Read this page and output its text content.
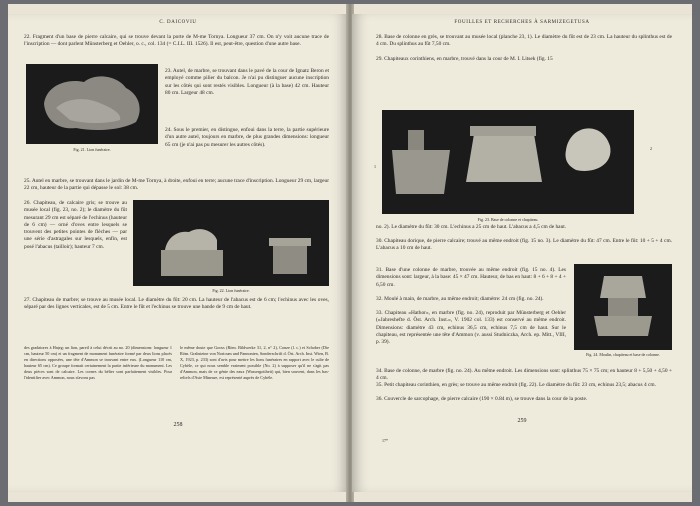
C. DAICOVIU

22. Fragment d'un base de pierre calcaire, qui se trouve devant la porte de M-me Tornya. Longueur 37 cm. On n'y voit aucune trace de l'inscription — dont parlent Münsterberg et Oehler, o. c., col. 134 (= C.I.L. III. 1526). Il est, peut-être, question d'une autre base.

Fig. 21. Lion funéraire.

23. Autel, de marbre, se trouvant dans le pavé de la cour de Ignatz Beron et employé comme pilier du balcon. Je n'ai pu distinguer aucune inscription sur les côtés qui sont restés visibles. Longueur (à la base) 42 cm. Hauteur 80 cm. Largeur 48 cm.

24. Sous le premier, en distingue, enfoui dans la terre, la partie supérieure d'un autre autel, toujours en marbre, de plus grandes dimensions: longueur 65 cm (je n'ai pas pu mesurer les autres côtés).

25. Autel en marbre, se trouvant dans le jardin de M-me Tornya, à droite, enfoui en terre; aucune trace d'inscription. Longueur 29 cm, largeur 22 cm, hauteur de la partie qui dépasse le sol: 38 cm.

26. Chapiteau, de calcaire gris; se trouve au musée local (fig. 23, no. 2); le diamètre du fût mesurant 29 cm est séparé de l'echinus (hauteur de 6 cm) — orné d'oves entre lesquels se trouvent des petites pointes de flèches — par une série d'astragales sur lesquels, enfin, est posé l'abacus (tailloir); hauteur 7 cm.

Fig. 22. Lion funéraire.

27. Chapiteau de marbre; se trouve au musée local. Le diamètre du fût: 20 cm. La hauteur de l'abacus est de 6 cm; l'echinus avec les oves, séparé par des lignes verticales, est de 5 cm. Entre le fût et l'echinus se trouve une bande de 9 cm de haut.

des gradatores à Hațeg; un lion, pareil à celui décrit au no. 20 (dimensions: longueur 1 cm, hauteur 50 cm) et un fragment de monument funéraire formé par deux lions placés en directions opposées, une tête d'Ammon se trouvant entre eux. (Longueur 110 cm, hauteur 65 cm). Ce groupe formait certainement la partie inférieure du monument. Les deux pièces sont de calcaire. Les cornes du bélier sont parfaitement visibles. Pour l'identifier avec Ammon, nous n'avons pas

le même doute que Gooss (Röm. Bildwerke 31, 2, n° 2), Conze (l. c.) et Schober (Die Röm. Grabsteine von Noricum und Pannonien, Sonderschrift d. Öst. Arch. Inst. Wien, B. X, 1923, p. 233) sont d'avis pour mettre les lions funéraires en rapport avec le culte de Cybèle, ce qui nous semble vraiment possible (No. 2) à supposer qu'il ne s'agit pas d'Ammon, mais de ce génie des eaux (Wassergottheit) qui, bien souvent, dans les bas-reliefs d'Asie Mineure, est représenté auprès de Cybèle.

258
FOUILLES ET RECHERCHES À SARMIZEGETUSA

28. Base de colonne en grès, se trouvant au musée local (planche 23, 1). Le diamètre du fût est de 23 cm. La hauteur du splinthus est de 4 cm. Du splinthus au fût 7,50 cm.

29. Chapiteaux corinthiens, en marbre, trouvé dans la cour de M. I. Litsek (fig. 15

1
2
Fig. 23. Base de colonne et chapiteau.

no. 2). Le diamètre du fût: 30 cm. L'echinus a 25 cm de haut. L'abacus a 4,5 cm de haut.

30. Chapiteau dorique, de pierre calcaire; trouvé au même endroit (fig. 15 no. 3). Le diamètre du fût: 47 cm. Entre le fût: 10 + 5 + 4 cm. L'abacus a 10 cm de haut.

31. Base d'une colonne de marbre, trouvée au même endroit (fig. 15 no. 4). Les dimensions sont: largeur, à la base: 45 × 47 cm. Hauteur, de bas en haut: 8 + 6 + 8 + 4 + 6,50 cm.

32. Moulé à main, de marbre, au même endroit; diamètre: 24 cm (fig. no. 24).

33. Chapiteau «Hathor», en marbre (fig. no. 24), reproduit par Münsterberg et Oehler («Jahreshefte d. Öst. Arch. Inst.», V. 1902 col. 133) est conservé au même endroit. Dimensions: diamètre 43 cm, echinus 36,5 cm, echinus 7,5 cm de haut. Sur le chapiteau, est représentée une tête d'Ammon (v. aussi Studniczka, Arch. ep. Mitt., VIII, p. 39).

Fig. 24. Moulin, chapiteau et base de colonne.

34. Base de colonne, de marbre (fig. no. 24). Au même endroit. Les dimensions sont: splinthus 75 × 75 cm; en hauteur 8 + 5,50 + 4,50 + 4 cm.

35. Petit chapiteau corinthien, en grès; se trouve au même endroit (fig. 22). Le diamètre du fût: 23 cm, echinus 23,5; abacus 4 cm.

36. Couvercle de sarcophage, de pierre calcaire (190 × 0.84 m), se trouve dans la cour de la poste.

259
17*
